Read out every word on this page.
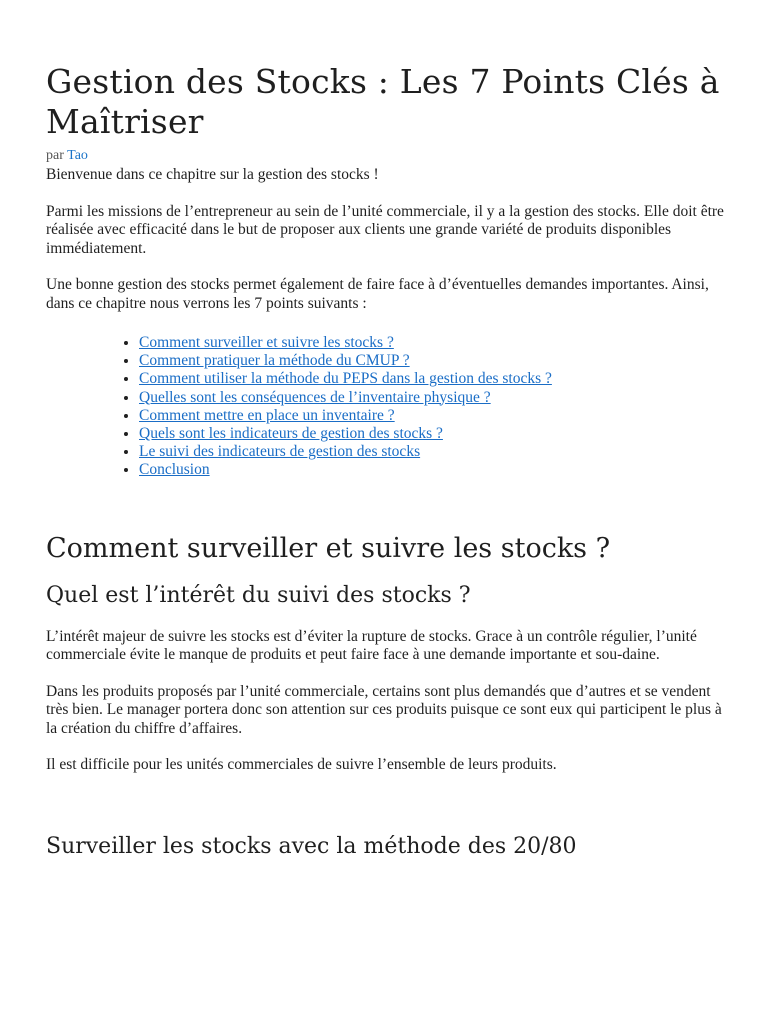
Gestion des Stocks : Les 7 Points Clés à Maîtriser
par Tao

Bienvenue dans ce chapitre sur la gestion des stocks !

Parmi les missions de l’entrepreneur au sein de l’unité commerciale, il y a la gestion des stocks. Elle doit être réalisée avec efficacité dans le but de proposer aux clients une grande variété de produits disponibles immédiatement.

Une bonne gestion des stocks permet également de faire face à d’éventuelles demandes importantes. Ainsi, dans ce chapitre nous verrons les 7 points suivants :

• Comment surveiller et suivre les stocks ?
• Comment pratiquer la méthode du CMUP ?
• Comment utiliser la méthode du PEPS dans la gestion des stocks ?
• Quelles sont les conséquences de l’inventaire physique ?
• Comment mettre en place un inventaire ?
• Quels sont les indicateurs de gestion des stocks ?
• Le suivi des indicateurs de gestion des stocks
• Conclusion
Comment surveiller et suivre les stocks ?
Quel est l’intérêt du suivi des stocks ?

L’intérêt majeur de suivre les stocks est d’éviter la rupture de stocks. Grace à un contrôle régulier, l’unité commerciale évite le manque de produits et peut faire face à une demande importante et sou-daine.

Dans les produits proposés par l’unité commerciale, certains sont plus demandés que d’autres et se vendent très bien. Le manager portera donc son attention sur ces produits puisque ce sont eux qui participent le plus à la création du chiffre d’affaires.

Il est difficile pour les unités commerciales de suivre l’ensemble de leurs produits.

Surveiller les stocks avec la méthode des 20/80
